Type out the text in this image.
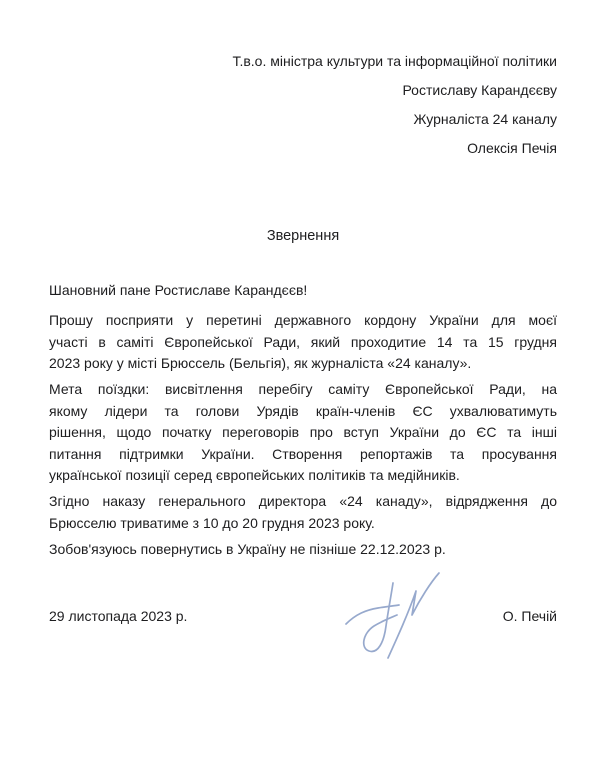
Т.в.о. міністра культури та інформаційної політики
Ростиславу Карандєєву
Журналіста 24 каналу
Олексія Печія
Звернення
Шановний пане Ростиславе Карандєєв!
Прошу посприяти у перетині державного кордону України для моєї
участі в саміті Європейської Ради, який проходитие 14 та 15 грудня
2023 року у місті Брюссель (Бельгія), як журналіста «24 каналу».
Мета поїздки: висвітлення перебігу саміту Європейської Ради, на
якому лідери та голови Урядів країн-членів ЄС ухвалюватимуть
рішення, щодо початку переговорів про вступ України до ЄС та інші
питання підтримки України. Створення репортажів та просування
української позиції серед європейських політиків та медійників.
Згідно наказу генерального директора «24 канаду», відрядження до
Брюсселю триватиме з 10 до 20 грудня 2023 року.
Зобов'язуюсь повернутись в Україну не пізніше 22.12.2023 р.
29 листопада 2023 р.	О. Печій
